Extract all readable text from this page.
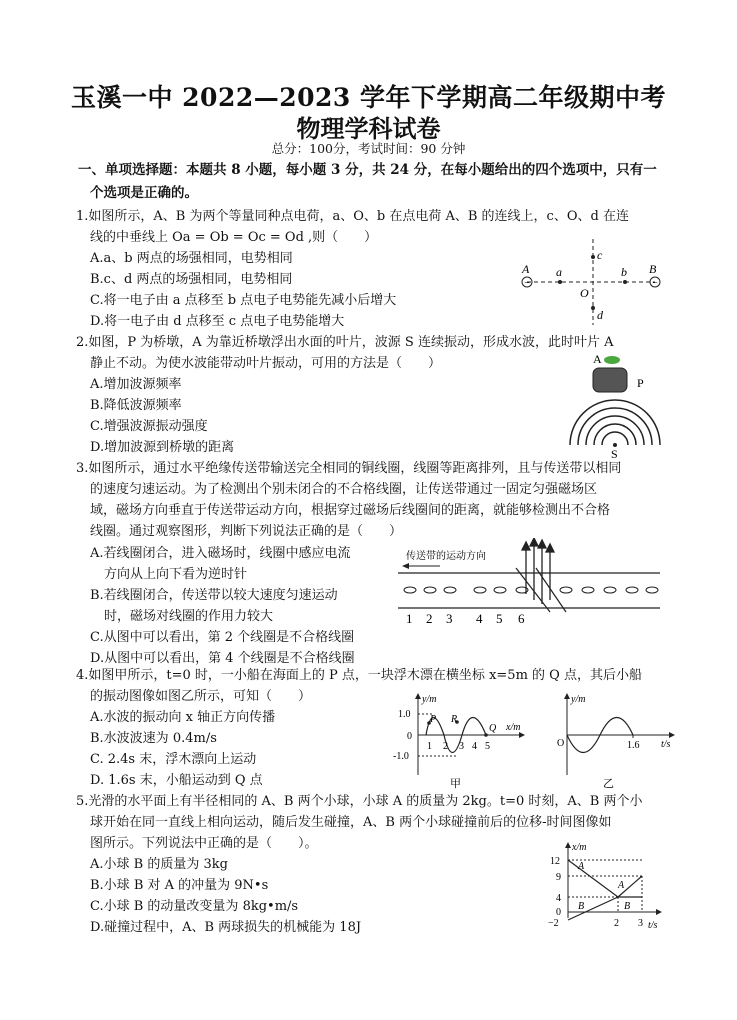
玉溪一中 2022—2023 学年下学期高二年级期中考
物理学科试卷
总分：100分，考试时间：90 分钟
一、单项选择题：本题共 8 小题，每小题 3 分，共 24 分，在每小题给出的四个选项中，只有一
个选项是正确的。
1.如图所示，A、B 为两个等量同种点电荷，a、O、b 在点电荷 A、B 的连线上，c、O、d 在连
线的中垂线上 Oa = Ob = Oc = Od ,则（　　）
A.a、b 两点的场强相同，电势相同
B.c、d 两点的场强相同，电势相同
C.将一电子由 a 点移至 b 点电子电势能先减小后增大
D.将一电子由 d 点移至 c 点电子电势能增大
−	−
A	B
a	b
c
d
O
2.如图，P 为桥墩，A 为靠近桥墩浮出水面的叶片，波源 S 连续振动，形成水波，此时叶片 A
静止不动。为使水波能带动叶片振动，可用的方法是（　　）
A.增加波源频率
B.降低波源频率
C.增强波源振动强度
D.增加波源到桥墩的距离
A
P
S
3.如图所示，通过水平绝缘传送带输送完全相同的铜线圈，线圈等距离排列，且与传送带以相同
的速度匀速运动。为了检测出个别未闭合的不合格线圈，让传送带通过一固定匀强磁场区
域，磁场方向垂直于传送带运动方向，根据穿过磁场后线圈间的距离，就能够检测出不合格
线圈。通过观察图形，判断下列说法正确的是（　　）
A.若线圈闭合，进入磁场时，线圈中感应电流
方向从上向下看为逆时针
B.若线圈闭合，传送带以较大速度匀速运动
时，磁场对线圈的作用力较大
C.从图中可以看出，第 2 个线圈是不合格线圈
D.从图中可以看出，第 4 个线圈是不合格线圈
传送带的运动方向
1 2 3 4 5 6
4.如图甲所示，t=0 时，一小船在海面上的 P 点，一块浮木漂在横坐标 x=5m 的 Q 点，其后小船
的振动图像如图乙所示，可知（　　）
A.水波的振动向 x 轴正方向传播
B.水波波速为 0.4m/s
C. 2.4s 末，浮木漂向上运动
D. 1.6s 末，小船运动到 Q 点
y/m
x/m
1.0
0
-1.0
1 2 3 4 5
P R
Q
甲
y/m
t/s
O	1.6
乙
5.光滑的水平面上有半径相同的 A、B 两个小球，小球 A 的质量为 2kg。t=0 时刻，A、B 两个小
球开始在同一直线上相向运动，随后发生碰撞，A、B 两个小球碰撞前后的位移-时间图像如
图所示。下列说法中正确的是（　　）。
A.小球 B 的质量为 3kg
B.小球 B 对 A 的冲量为 9N•s
C.小球 B 的动量改变量为 8kg•m/s
D.碰撞过程中，A、B 两球损失的机械能为 18J
x/m
t/s
12
9
4
0
−2
A
B
A
B
2 3
